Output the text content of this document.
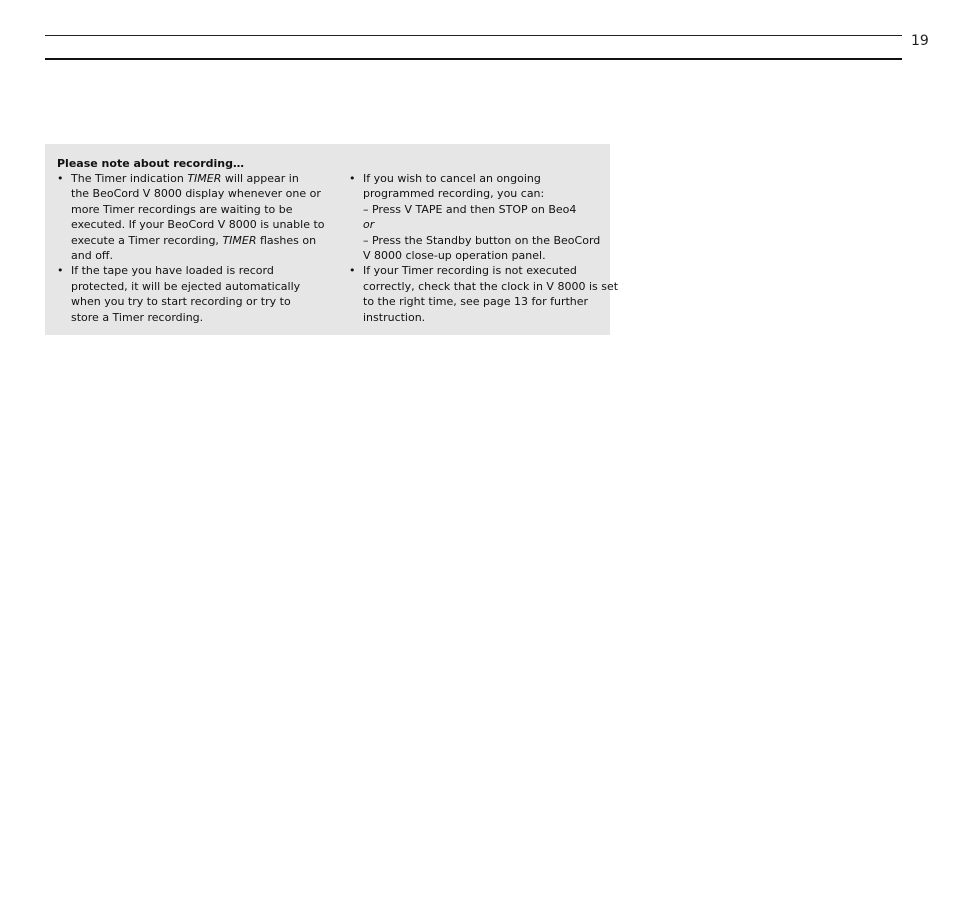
19
Please note about recording…
• The Timer indication TIMER will appear in
the BeoCord V 8000 display whenever one or
more Timer recordings are waiting to be
executed. If your BeoCord V 8000 is unable to
execute a Timer recording, TIMER flashes on
and off.
• If the tape you have loaded is record
protected, it will be ejected automatically
when you try to start recording or try to
store a Timer recording.
• If you wish to cancel an ongoing
programmed recording, you can:
– Press V TAPE and then STOP on Beo4
or
– Press the Standby button on the BeoCord
V 8000 close-up operation panel.
• If your Timer recording is not executed
correctly, check that the clock in V 8000 is set
to the right time, see page 13 for further
instruction.
